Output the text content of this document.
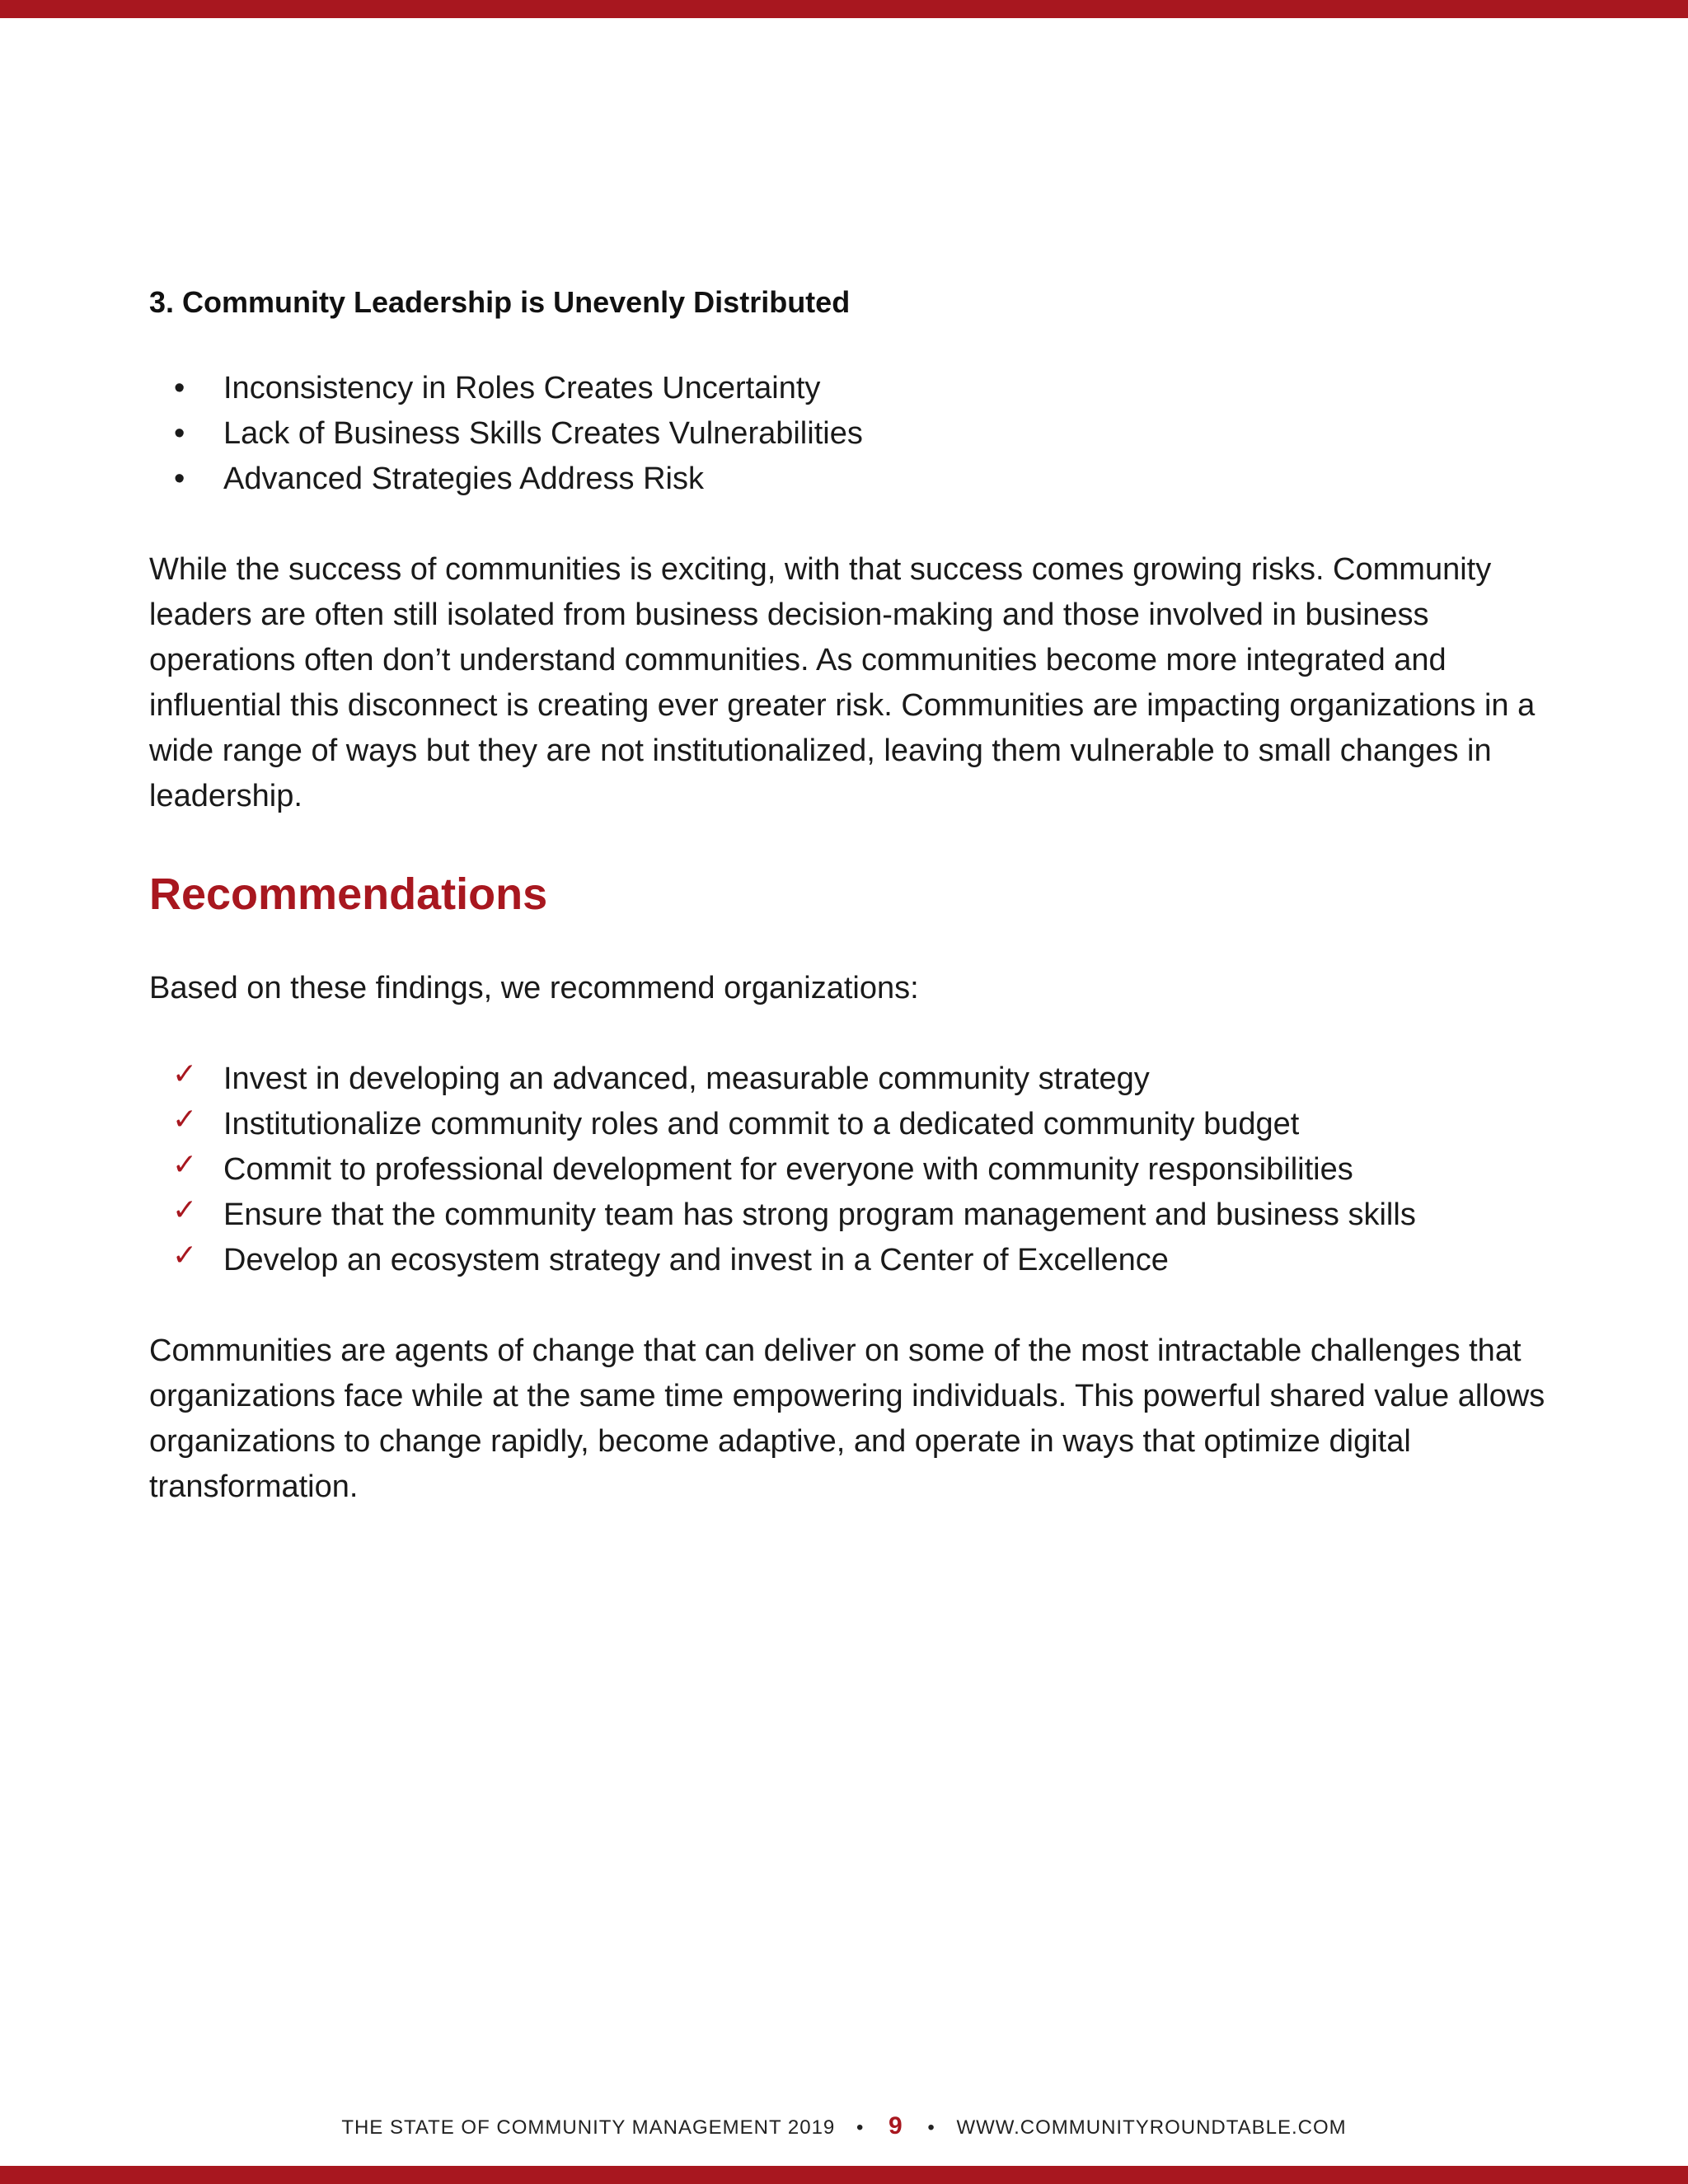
3. Community Leadership is Unevenly Distributed
• Inconsistency in Roles Creates Uncertainty
• Lack of Business Skills Creates Vulnerabilities
• Advanced Strategies Address Risk

While the success of communities is exciting, with that success comes growing risks. Community leaders are often still isolated from business decision-making and those involved in business operations often don’t understand communities. As communities become more integrated and influential this disconnect is creating ever greater risk. Communities are impacting organizations in a wide range of ways but they are not institutionalized, leaving them vulnerable to small changes in leadership.

Recommendations

Based on these findings, we recommend organizations:

✓ Invest in developing an advanced, measurable community strategy
✓ Institutionalize community roles and commit to a dedicated community budget
✓ Commit to professional development for everyone with community responsibilities
✓ Ensure that the community team has strong program management and business skills
✓ Develop an ecosystem strategy and invest in a Center of Excellence

Communities are agents of change that can deliver on some of the most intractable challenges that organizations face while at the same time empowering individuals. This powerful shared value allows organizations to change rapidly, become adaptive, and operate in ways that optimize digital transformation.

THE STATE OF COMMUNITY MANAGEMENT 2019 • 9 • WWW.COMMUNITYROUNDTABLE.COM
